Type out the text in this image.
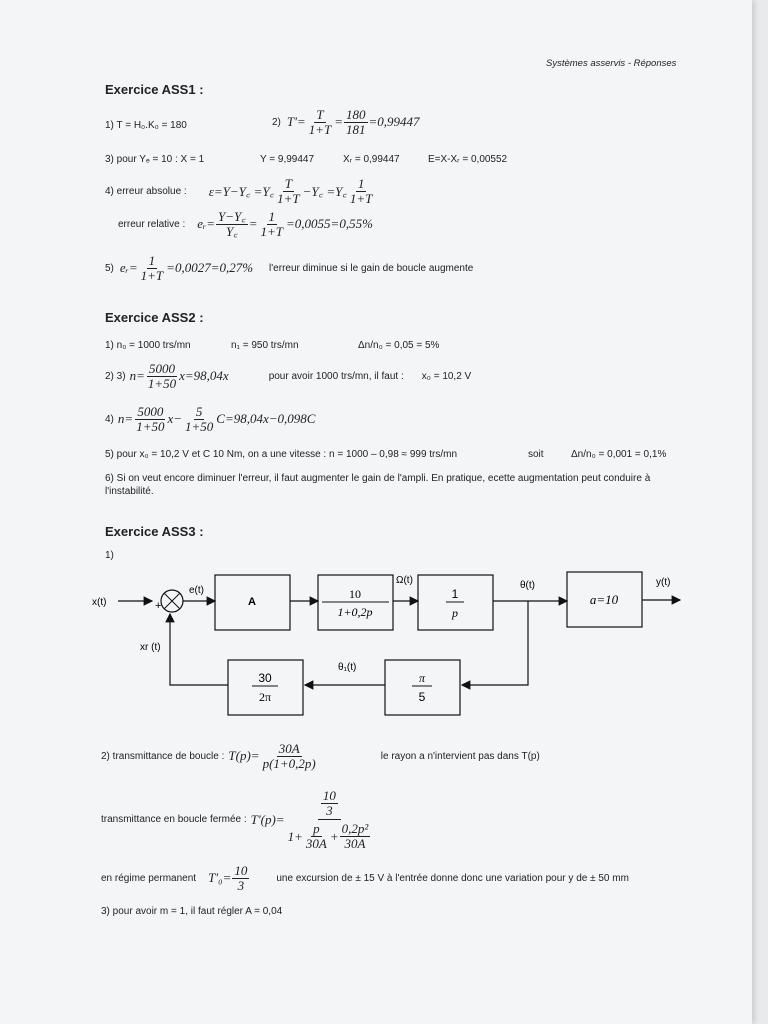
Systèmes asservis - Réponses
Exercice ASS1 :
1) T = H₀.K₀ = 180	2) $T'= \frac{T}{1+T} = \frac{180}{181} =0,99447$
3) pour Yₑ = 10 : X = 1	Y = 9,99447	Xᵣ = 0,99447	E=X-Xᵣ = 0,00552
4) erreur absolue : ε=Y−Y꜀ =Y꜀ $\frac{T}{1+T}$ −Y꜀ =Y꜀ $\frac{1}{1+T}$
erreur relative : eᵣ= $\frac{Y-Y꜀}{Y꜀} = \frac{1}{1+T} =0,0055=0,55\%$
5) eᵣ= $\frac{1}{1+T} =0,0027=0,27\%$ l'erreur diminue si le gain de boucle augmente
Exercice ASS2 :
1) n₀ = 1000 trs/mn	n₁ = 950 trs/mn	Δn/n₀ = 0,05 = 5%
2) 3) $n= \frac{5000}{1+50} x=98,04x$	pour avoir 1000 trs/mn, il faut : x₀ = 10,2 V
4) $n= \frac{5000}{1+50} x- \frac{5}{1+50} C=98,04x-0,098C$
5) pour x₀ = 10,2 V et C 10 Nm, on a une vitesse : n = 1000 – 0,98 ≈ 999 trs/mn	soit	Δn/n₀ = 0,001 = 0,1%
6) Si on veut encore diminuer l'erreur, il faut augmenter le gain de l'ampli. En pratique, ecette augmentation peut conduire à
l'instabilité.
Exercice ASS3 :
1)
x(t)	+
−
e(t)
A
10
1+0,2p
Ω(t)
1
p
θ(t)
a=10
y(t)
π
5
θ₁(t)
30
2π
xr (t)
2) transmittance de boucle : $T(p)= \frac{30A}{p(1+0,2p)}$	le rayon a n'intervient pas dans T(p)
transmittance en boucle fermée : $T'(p)= \frac{\frac{10}{3}}{1+ \frac{p}{30A} + \frac{\text{0,2p²}}{30A}}$
en régime permanent $T'_0= \frac{10}{3}$	une excursion de ± 15 V à l'entrée donne donc une variation pour y de ± 50 mm
3) pour avoir m = 1, il faut régler A = 0,04
